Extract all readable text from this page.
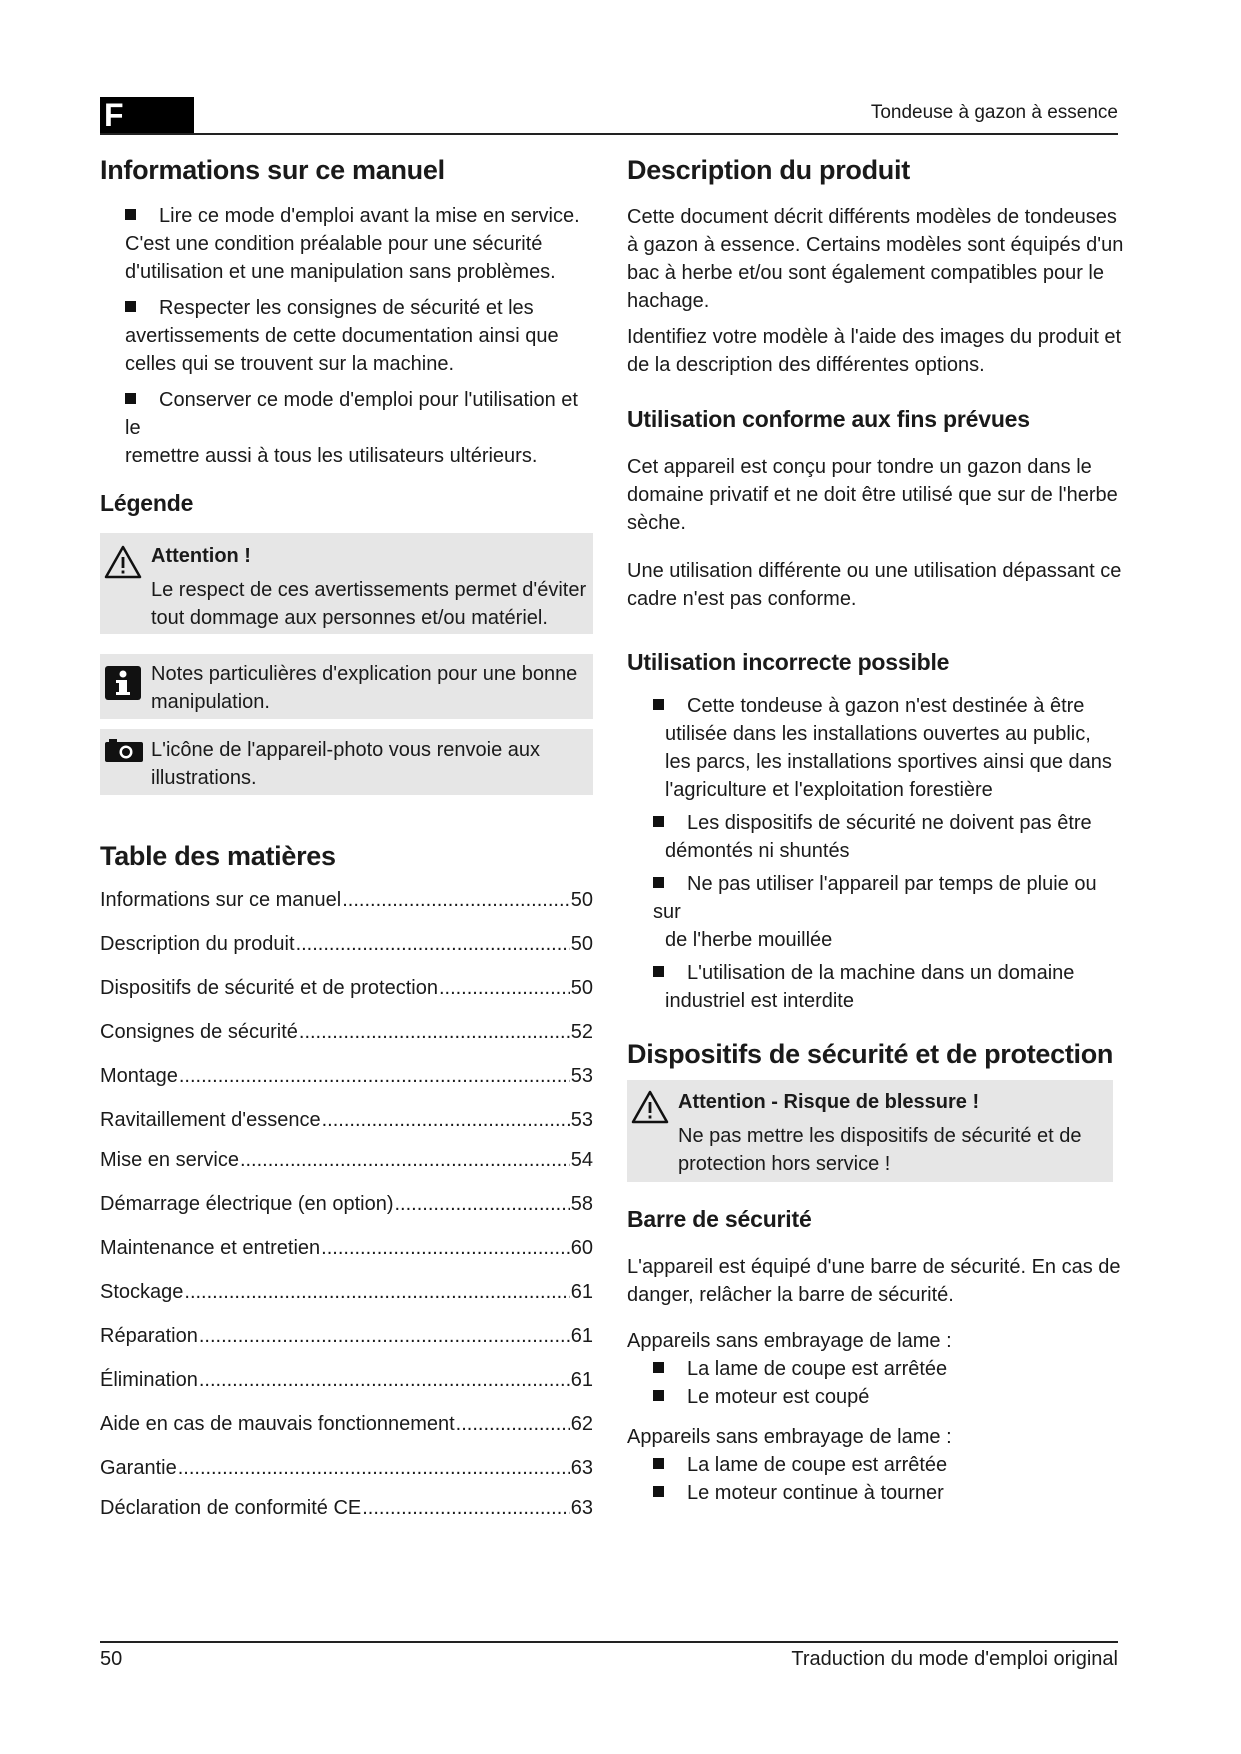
F	Tondeuse à gazon à essence
Informations sur ce manuel
Lire ce mode d'emploi avant la mise en service.
C'est une condition préalable pour une sécurité
d'utilisation et une manipulation sans problèmes.
Respecter les consignes de sécurité et les
avertissements de cette documentation ainsi que
celles qui se trouvent sur la machine.
Conserver ce mode d'emploi pour l'utilisation et le
remettre aussi à tous les utilisateurs ultérieurs.
Légende
Attention !
Le respect de ces avertissements permet d'éviter
tout dommage aux personnes et/ou matériel.
Notes particulières d'explication pour une bonne
manipulation.
L'icône de l'appareil-photo vous renvoie aux
illustrations.
Table des matières
Informations sur ce manuel .....	50
Description du produit .....	50
Dispositifs de sécurité et de protection .....	50
Consignes de sécurité .....	52
Montage .....	53
Ravitaillement d'essence .....	53
Mise en service .....	54
Démarrage électrique (en option) .....	58
Maintenance et entretien .....	60
Stockage .....	61
Réparation .....	61
Élimination .....	61
Aide en cas de mauvais fonctionnement .....	62
Garantie .....	63
Déclaration de conformité CE .....	63
Description du produit

Cette document décrit différents modèles de tondeuses

à gazon à essence. Certains modèles sont équipés d'un

bac à herbe et/ou sont également compatibles pour le

hachage.

Identifiez votre modèle à l'aide des images du produit et

de la description des différentes options.

Utilisation conforme aux fins prévues

Cet appareil est conçu pour tondre un gazon dans le

domaine privatif et ne doit être utilisé que sur de l'herbe

sèche.

Une utilisation différente ou une utilisation dépassant ce

cadre n'est pas conforme.

Utilisation incorrecte possible
Cette tondeuse à gazon n'est destinée à être
utilisée dans les installations ouvertes au public,
les parcs, les installations sportives ainsi que dans
l'agriculture et l'exploitation forestière
Les dispositifs de sécurité ne doivent pas être
démontés ni shuntés
Ne pas utiliser l'appareil par temps de pluie ou sur
de l'herbe mouillée
L'utilisation de la machine dans un domaine
industriel est interdite
Dispositifs de sécurité et de protection
Attention - Risque de blessure !
Ne pas mettre les dispositifs de sécurité et de
protection hors service !
Barre de sécurité

L'appareil est équipé d'une barre de sécurité. En cas de

danger, relâcher la barre de sécurité.

Appareils sans embrayage de lame :

La lame de coupe est arrêtée
Le moteur est coupé

Appareils sans embrayage de lame :

La lame de coupe est arrêtée
Le moteur continue à tourner
50	Traduction du mode d'emploi original
